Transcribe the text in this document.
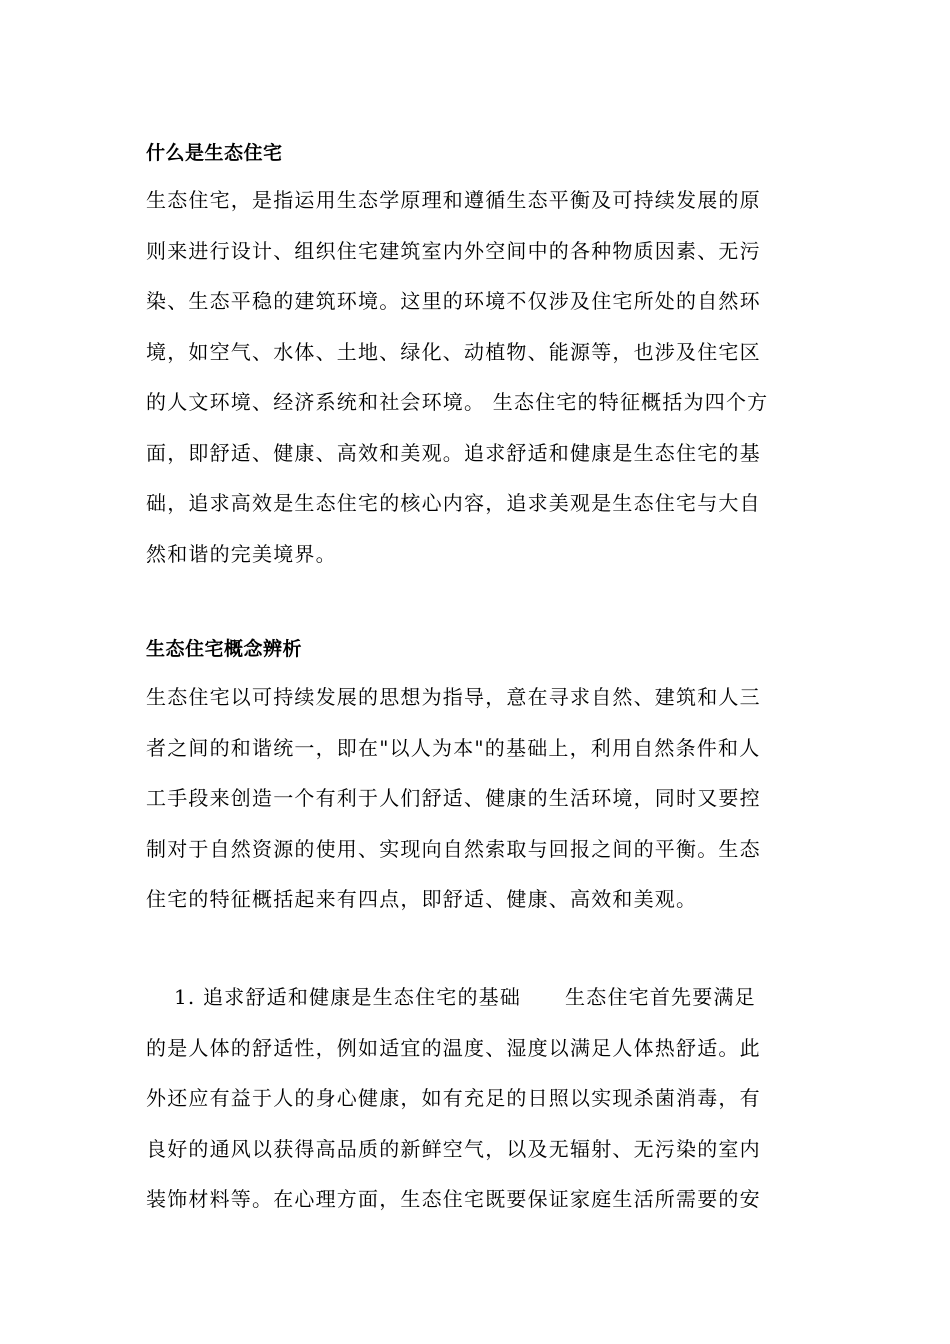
什么是生态住宅
生态住宅，是指运用生态学原理和遵循生态平衡及可持续发展的原
则来进行设计、组织住宅建筑室内外空间中的各种物质因素、无污
染、生态平稳的建筑环境。这里的环境不仅涉及住宅所处的自然环
境，如空气、水体、土地、绿化、动植物、能源等，也涉及住宅区
的人文环境、经济系统和社会环境。 生态住宅的特征概括为四个方
面，即舒适、健康、高效和美观。追求舒适和健康是生态住宅的基
础，追求高效是生态住宅的核心内容，追求美观是生态住宅与大自
然和谐的完美境界。
生态住宅概念辨析
生态住宅以可持续发展的思想为指导，意在寻求自然、建筑和人三
者之间的和谐统一，即在"以人为本"的基础上，利用自然条件和人
工手段来创造一个有利于人们舒适、健康的生活环境，同时又要控
制对于自然资源的使用、实现向自然索取与回报之间的平衡。生态
住宅的特征概括起来有四点，即舒适、健康、高效和美观。
1. 追求舒适和健康是生态住宅的基础 生态住宅首先要满足
的是人体的舒适性，例如适宜的温度、湿度以满足人体热舒适。此
外还应有益于人的身心健康，如有充足的日照以实现杀菌消毒，有
良好的通风以获得高品质的新鲜空气，以及无辐射、无污染的室内
装饰材料等。在心理方面，生态住宅既要保证家庭生活所需要的安
